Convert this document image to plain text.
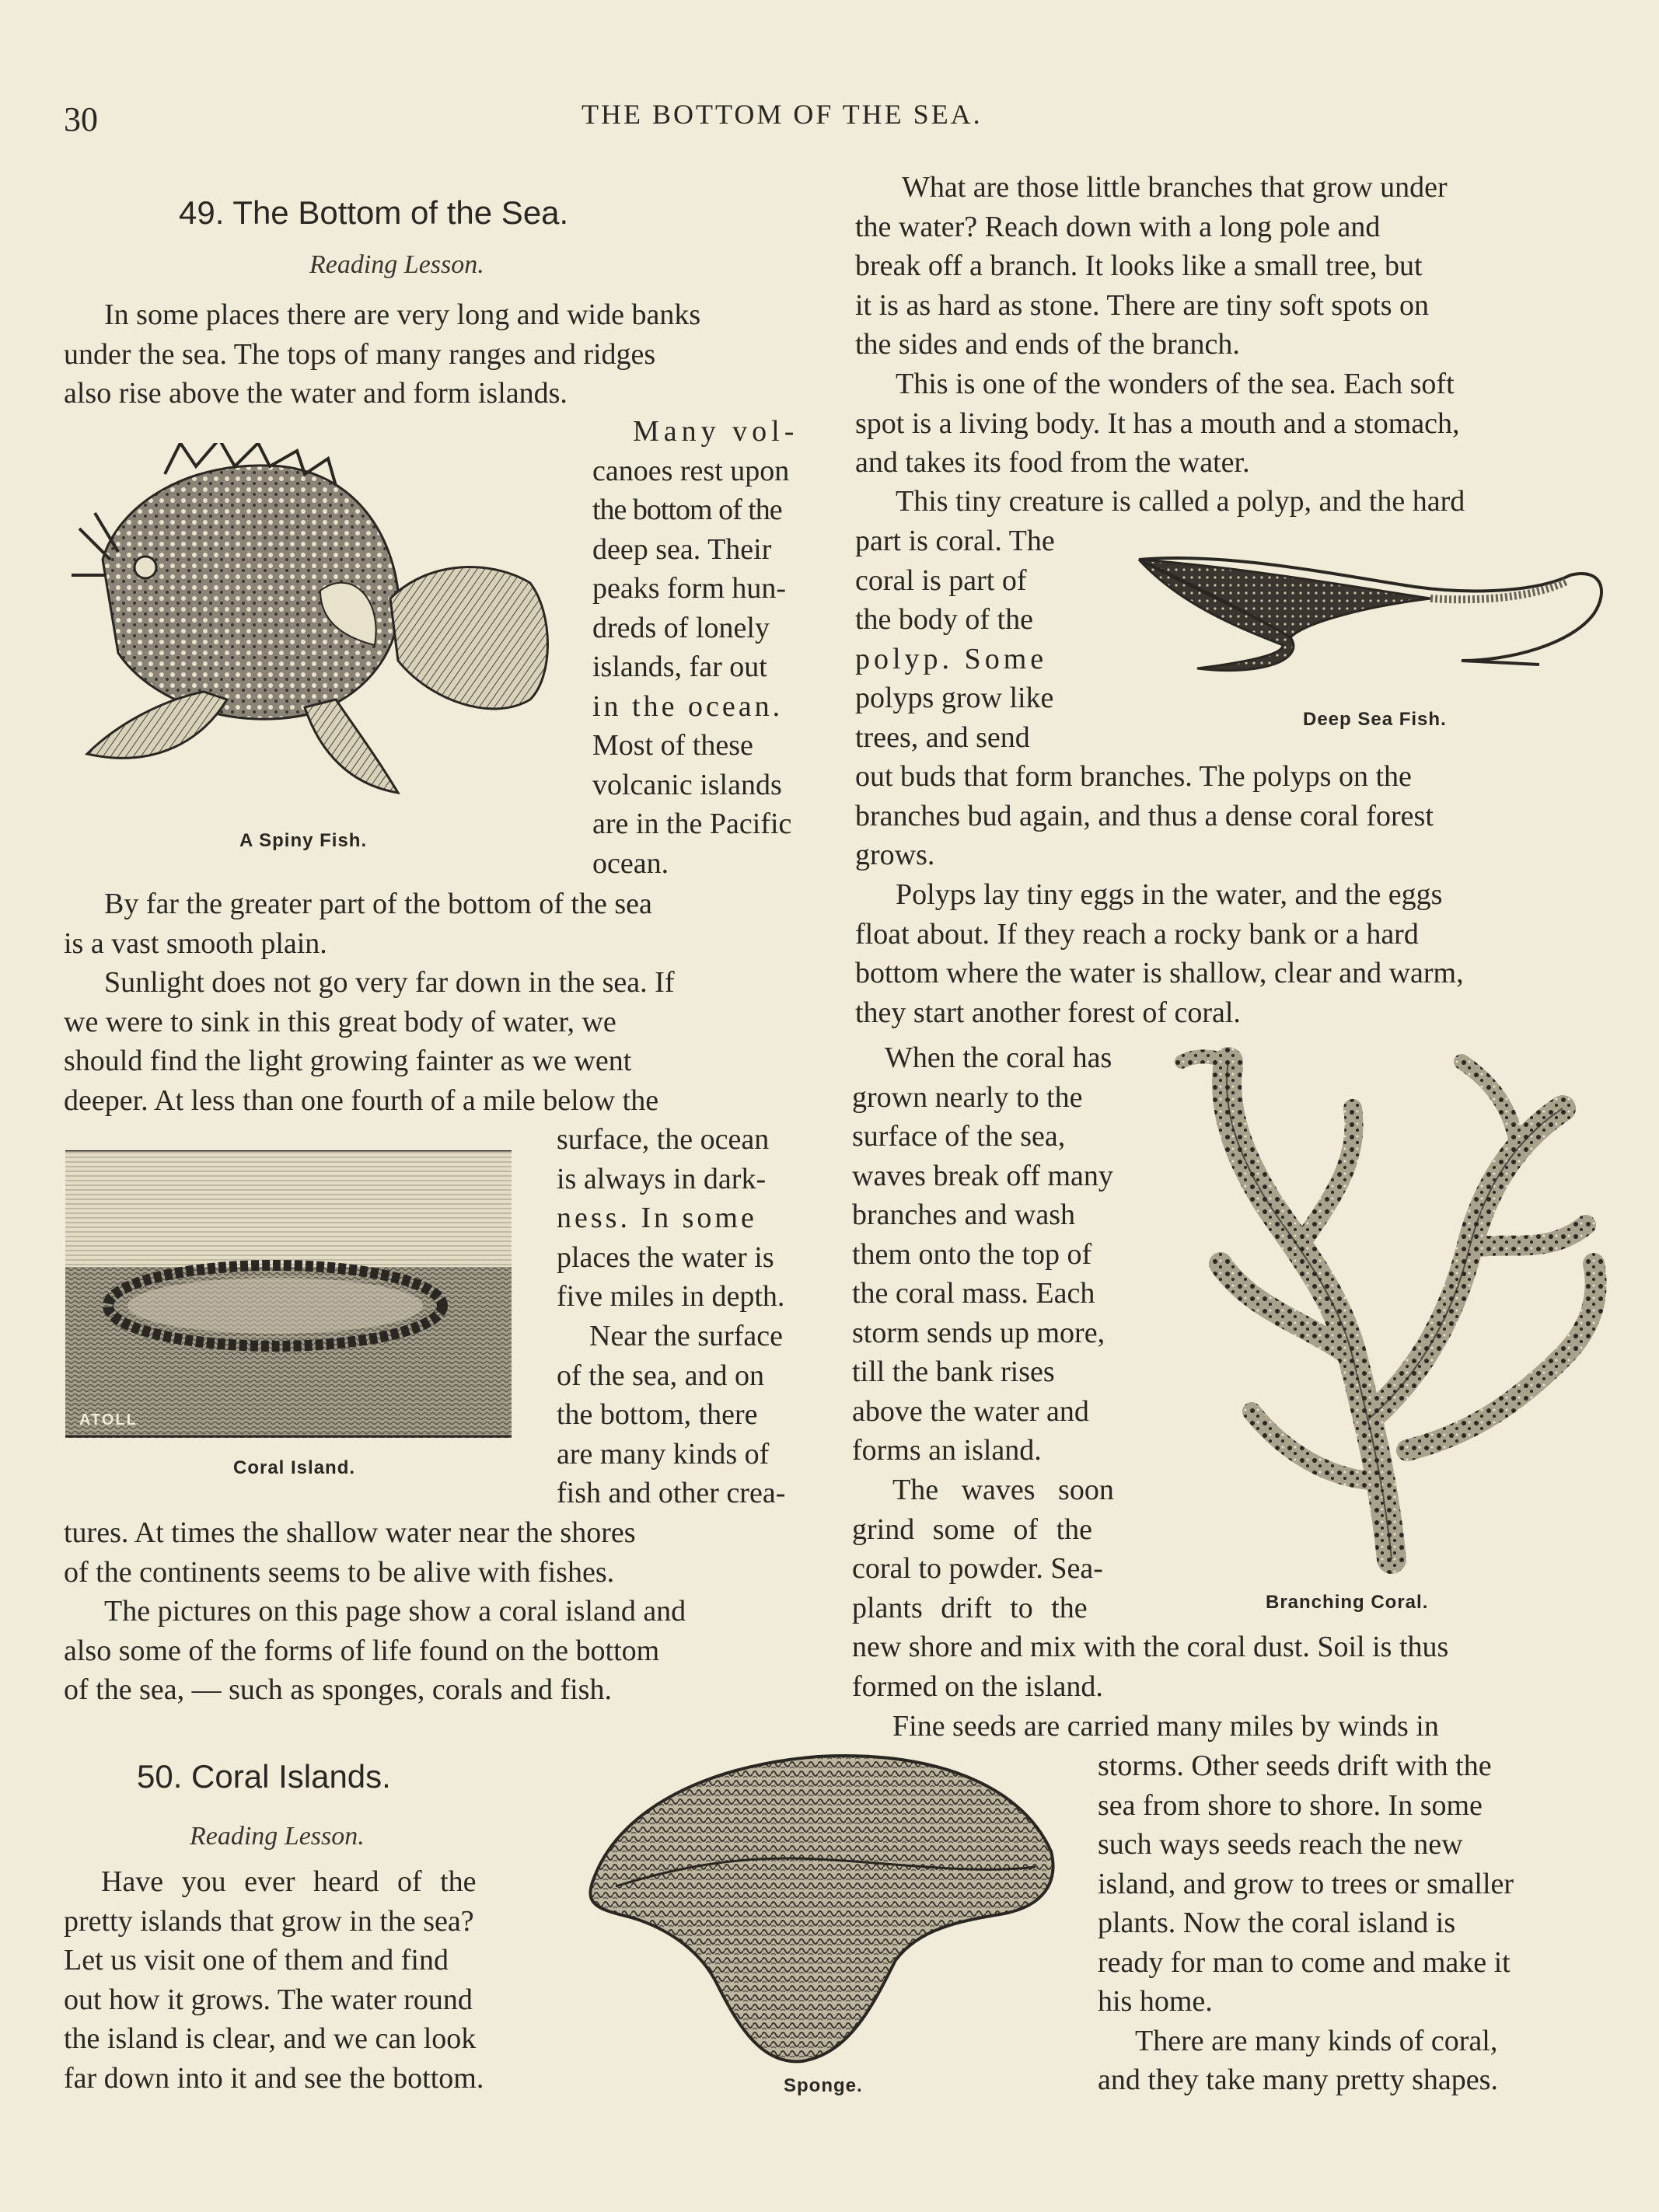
30	THE BOTTOM OF THE SEA.
49. The Bottom of the Sea.
Reading Lesson.
In some places there are very long and wide banks
under the sea. The tops of many ranges and ridges
also rise above the water and form islands.
A Spiny Fish.
Many vol-
canoes rest upon
the bottom of the
deep sea. Their
peaks form hun-
dreds of lonely
islands, far out
in the ocean.
Most of these
volcanic islands
are in the Pacific
ocean.
By far the greater part of the bottom of the sea
is a vast smooth plain.
Sunlight does not go very far down in the sea. If
we were to sink in this great body of water, we
should find the light growing fainter as we went
deeper. At less than one fourth of a mile below the
ATOLL
Coral Island.
surface, the ocean
is always in dark-
ness. In some
places the water is
five miles in depth.
Near the surface
of the sea, and on
the bottom, there
are many kinds of
fish and other crea-
tures. At times the shallow water near the shores
of the continents seems to be alive with fishes.
The pictures on this page show a coral island and
also some of the forms of life found on the bottom
of the sea, — such as sponges, corals and fish.
50. Coral Islands.
Reading Lesson.
Have you ever heard of the
pretty islands that grow in the sea?
Let us visit one of them and find
out how it grows. The water round
the island is clear, and we can look
far down into it and see the bottom.	Sponge.
What are those little branches that grow under
the water? Reach down with a long pole and
break off a branch. It looks like a small tree, but
it is as hard as stone. There are tiny soft spots on
the sides and ends of the branch.
This is one of the wonders of the sea. Each soft
spot is a living body. It has a mouth and a stomach,
and takes its food from the water.
This tiny creature is called a polyp, and the hard
part is coral. The
coral is part of
the body of the
polyp. Some
polyps grow like
trees, and send
Deep Sea Fish.
out buds that form branches. The polyps on the
branches bud again, and thus a dense coral forest
grows.
Polyps lay tiny eggs in the water, and the eggs
float about. If they reach a rocky bank or a hard
bottom where the water is shallow, clear and warm,
they start another forest of coral.
When the coral has
grown nearly to the
surface of the sea,
waves break off many
branches and wash
them onto the top of
the coral mass. Each
storm sends up more,
till the bank rises
above the water and
forms an island.
Branching Coral.
The waves soon
grind some of the
coral to powder. Sea-
plants drift to the
new shore and mix with the coral dust. Soil is thus
formed on the island.
Fine seeds are carried many miles by winds in
storms. Other seeds drift with the
sea from shore to shore. In some
such ways seeds reach the new
island, and grow to trees or smaller
plants. Now the coral island is
ready for man to come and make it
his home.
There are many kinds of coral,
and they take many pretty shapes.
